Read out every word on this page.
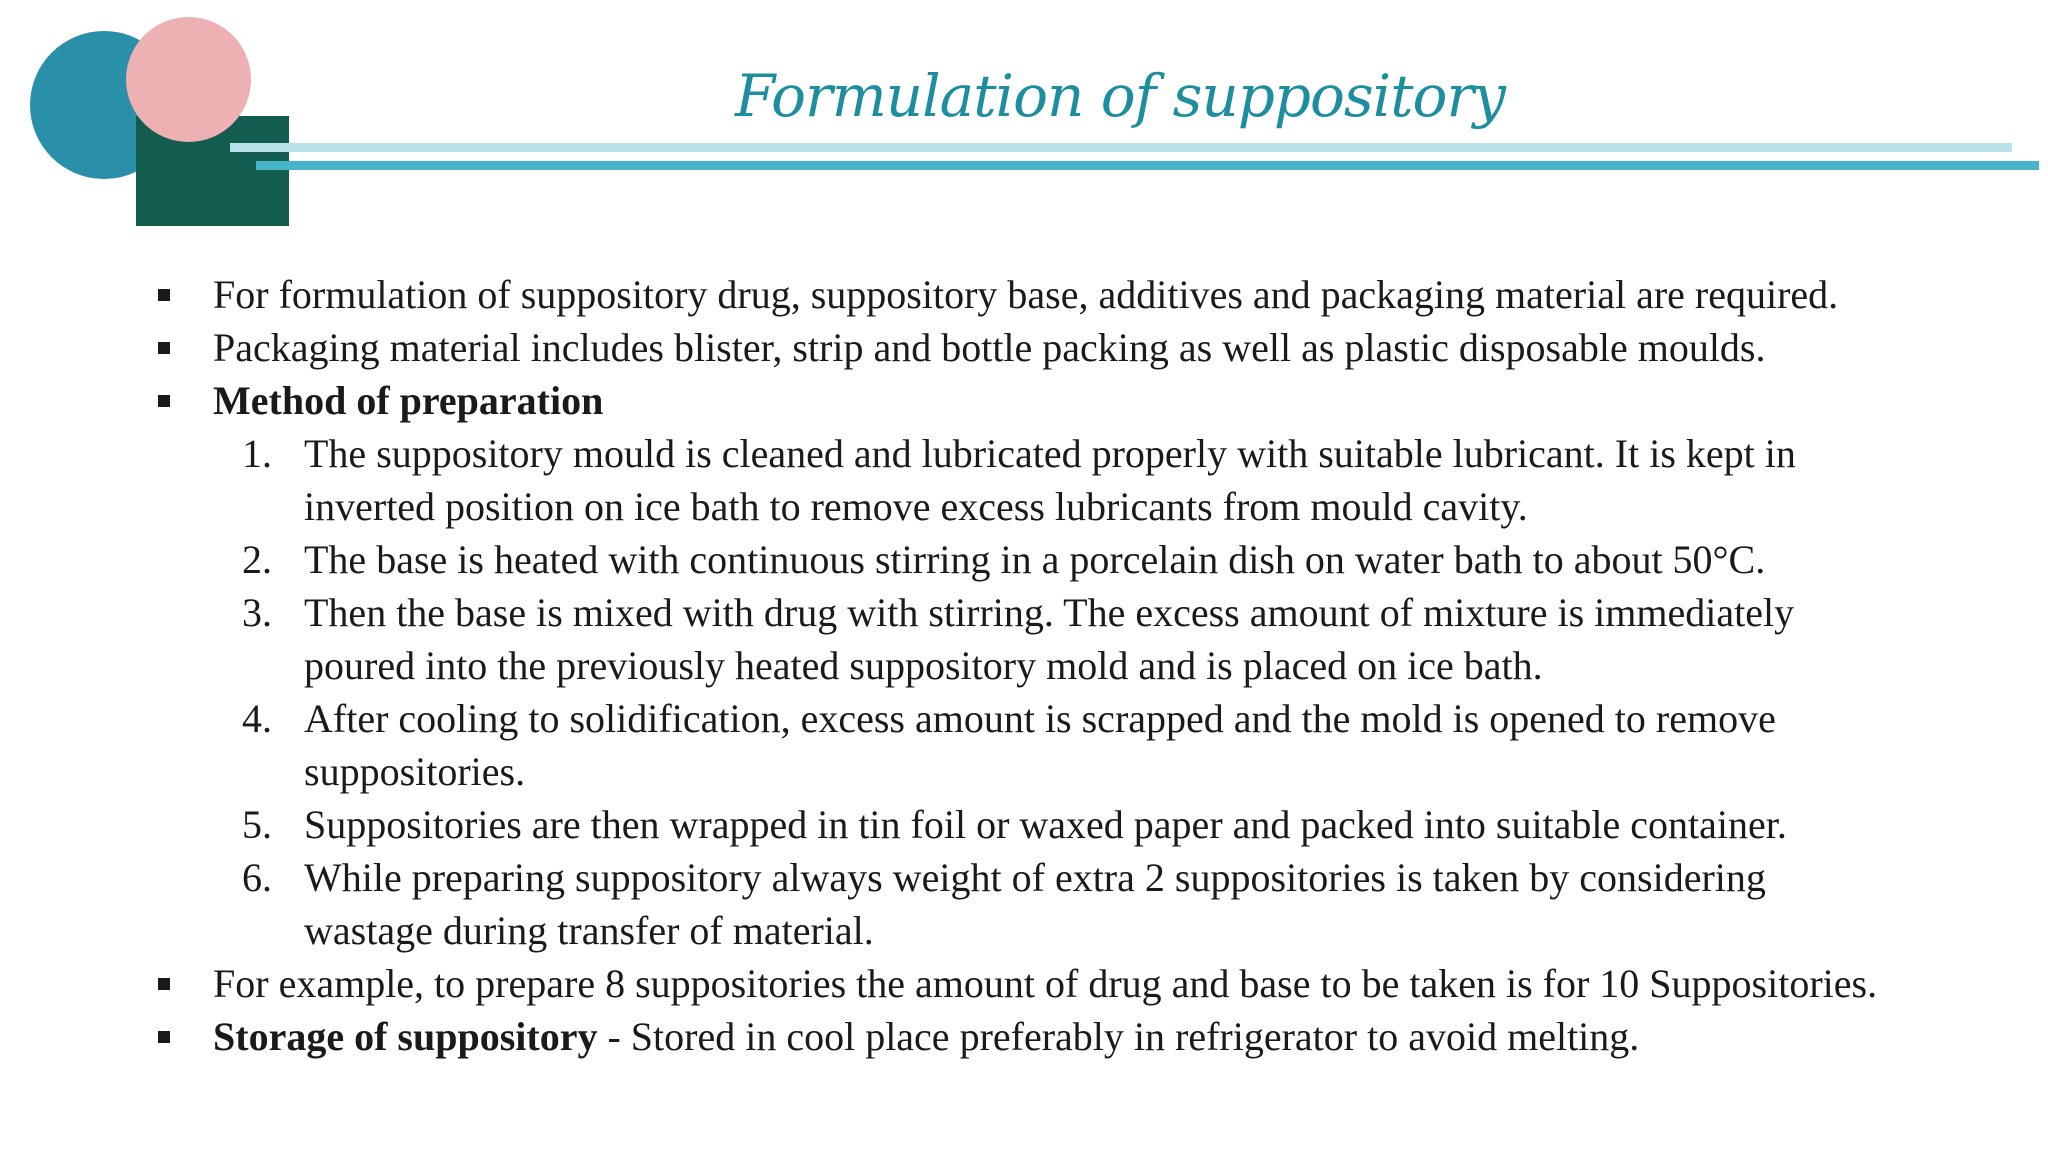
Formulation of suppository
For formulation of suppository drug, suppository base, additives and packaging material are required.
Packaging material includes blister, strip and bottle packing as well as plastic disposable moulds.
Method of preparation
1. The suppository mould is cleaned and lubricated properly with suitable lubricant. It is kept in
inverted position on ice bath to remove excess lubricants from mould cavity.
2. The base is heated with continuous stirring in a porcelain dish on water bath to about 50°C.
3. Then the base is mixed with drug with stirring. The excess amount of mixture is immediately
poured into the previously heated suppository mold and is placed on ice bath.
4. After cooling to solidification, excess amount is scrapped and the mold is opened to remove
suppositories.
5. Suppositories are then wrapped in tin foil or waxed paper and packed into suitable container.
6. While preparing suppository always weight of extra 2 suppositories is taken by considering
wastage during transfer of material.
For example, to prepare 8 suppositories the amount of drug and base to be taken is for 10 Suppositories.
Storage of suppository - Stored in cool place preferably in refrigerator to avoid melting.
